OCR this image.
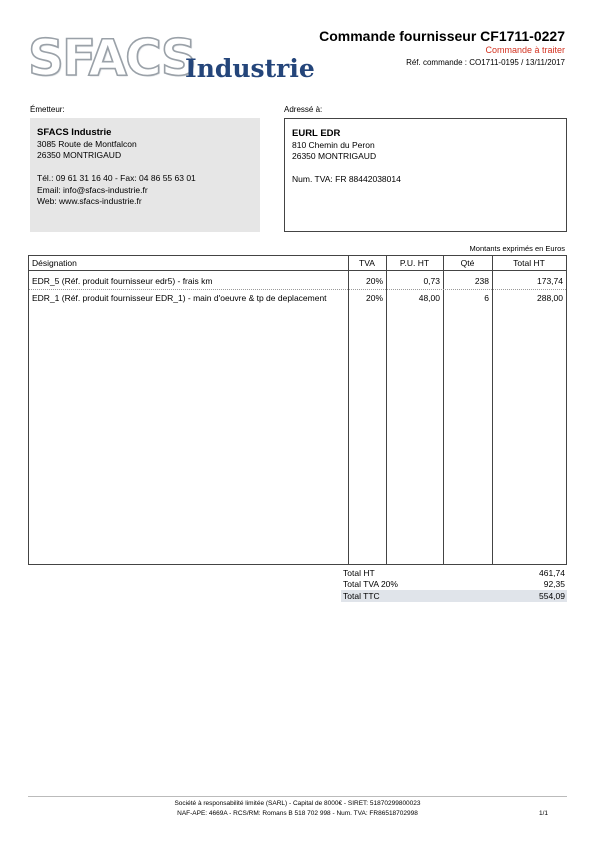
SFACS
Industrie
Commande fournisseur CF1711-0227
Commande à traiter
Réf. commande : CO1711-0195 / 13/11/2017
Émetteur:	Adressé à:
SFACS Industrie
3085 Route de Montfalcon
26350 MONTRIGAUD
Tél.: 09 61 31 16 40 - Fax: 04 86 55 63 01
Email: info@sfacs-industrie.fr
Web: www.sfacs-industrie.fr
EURL EDR
810 Chemin du Peron
26350 MONTRIGAUD
Num. TVA: FR 88442038014
Montants exprimés en Euros
Désignation	TVA	P.U. HT	Qté	Total HT
EDR_5 (Réf. produit fournisseur edr5) - frais km	20%	0,73	238	173,74
EDR_1 (Réf. produit fournisseur EDR_1) - main d'oeuvre & tp de deplacement	20%	48,00	6	288,00
Total HT	461,74
Total TVA 20%	92,35
Total TTC	554,09
Société à responsabilité limitée (SARL) - Capital de 8000€ - SIRET: 51870299800023
NAF-APE: 4669A - RCS/RM: Romans B 518 702 998 - Num. TVA: FR86518702998	1/1
